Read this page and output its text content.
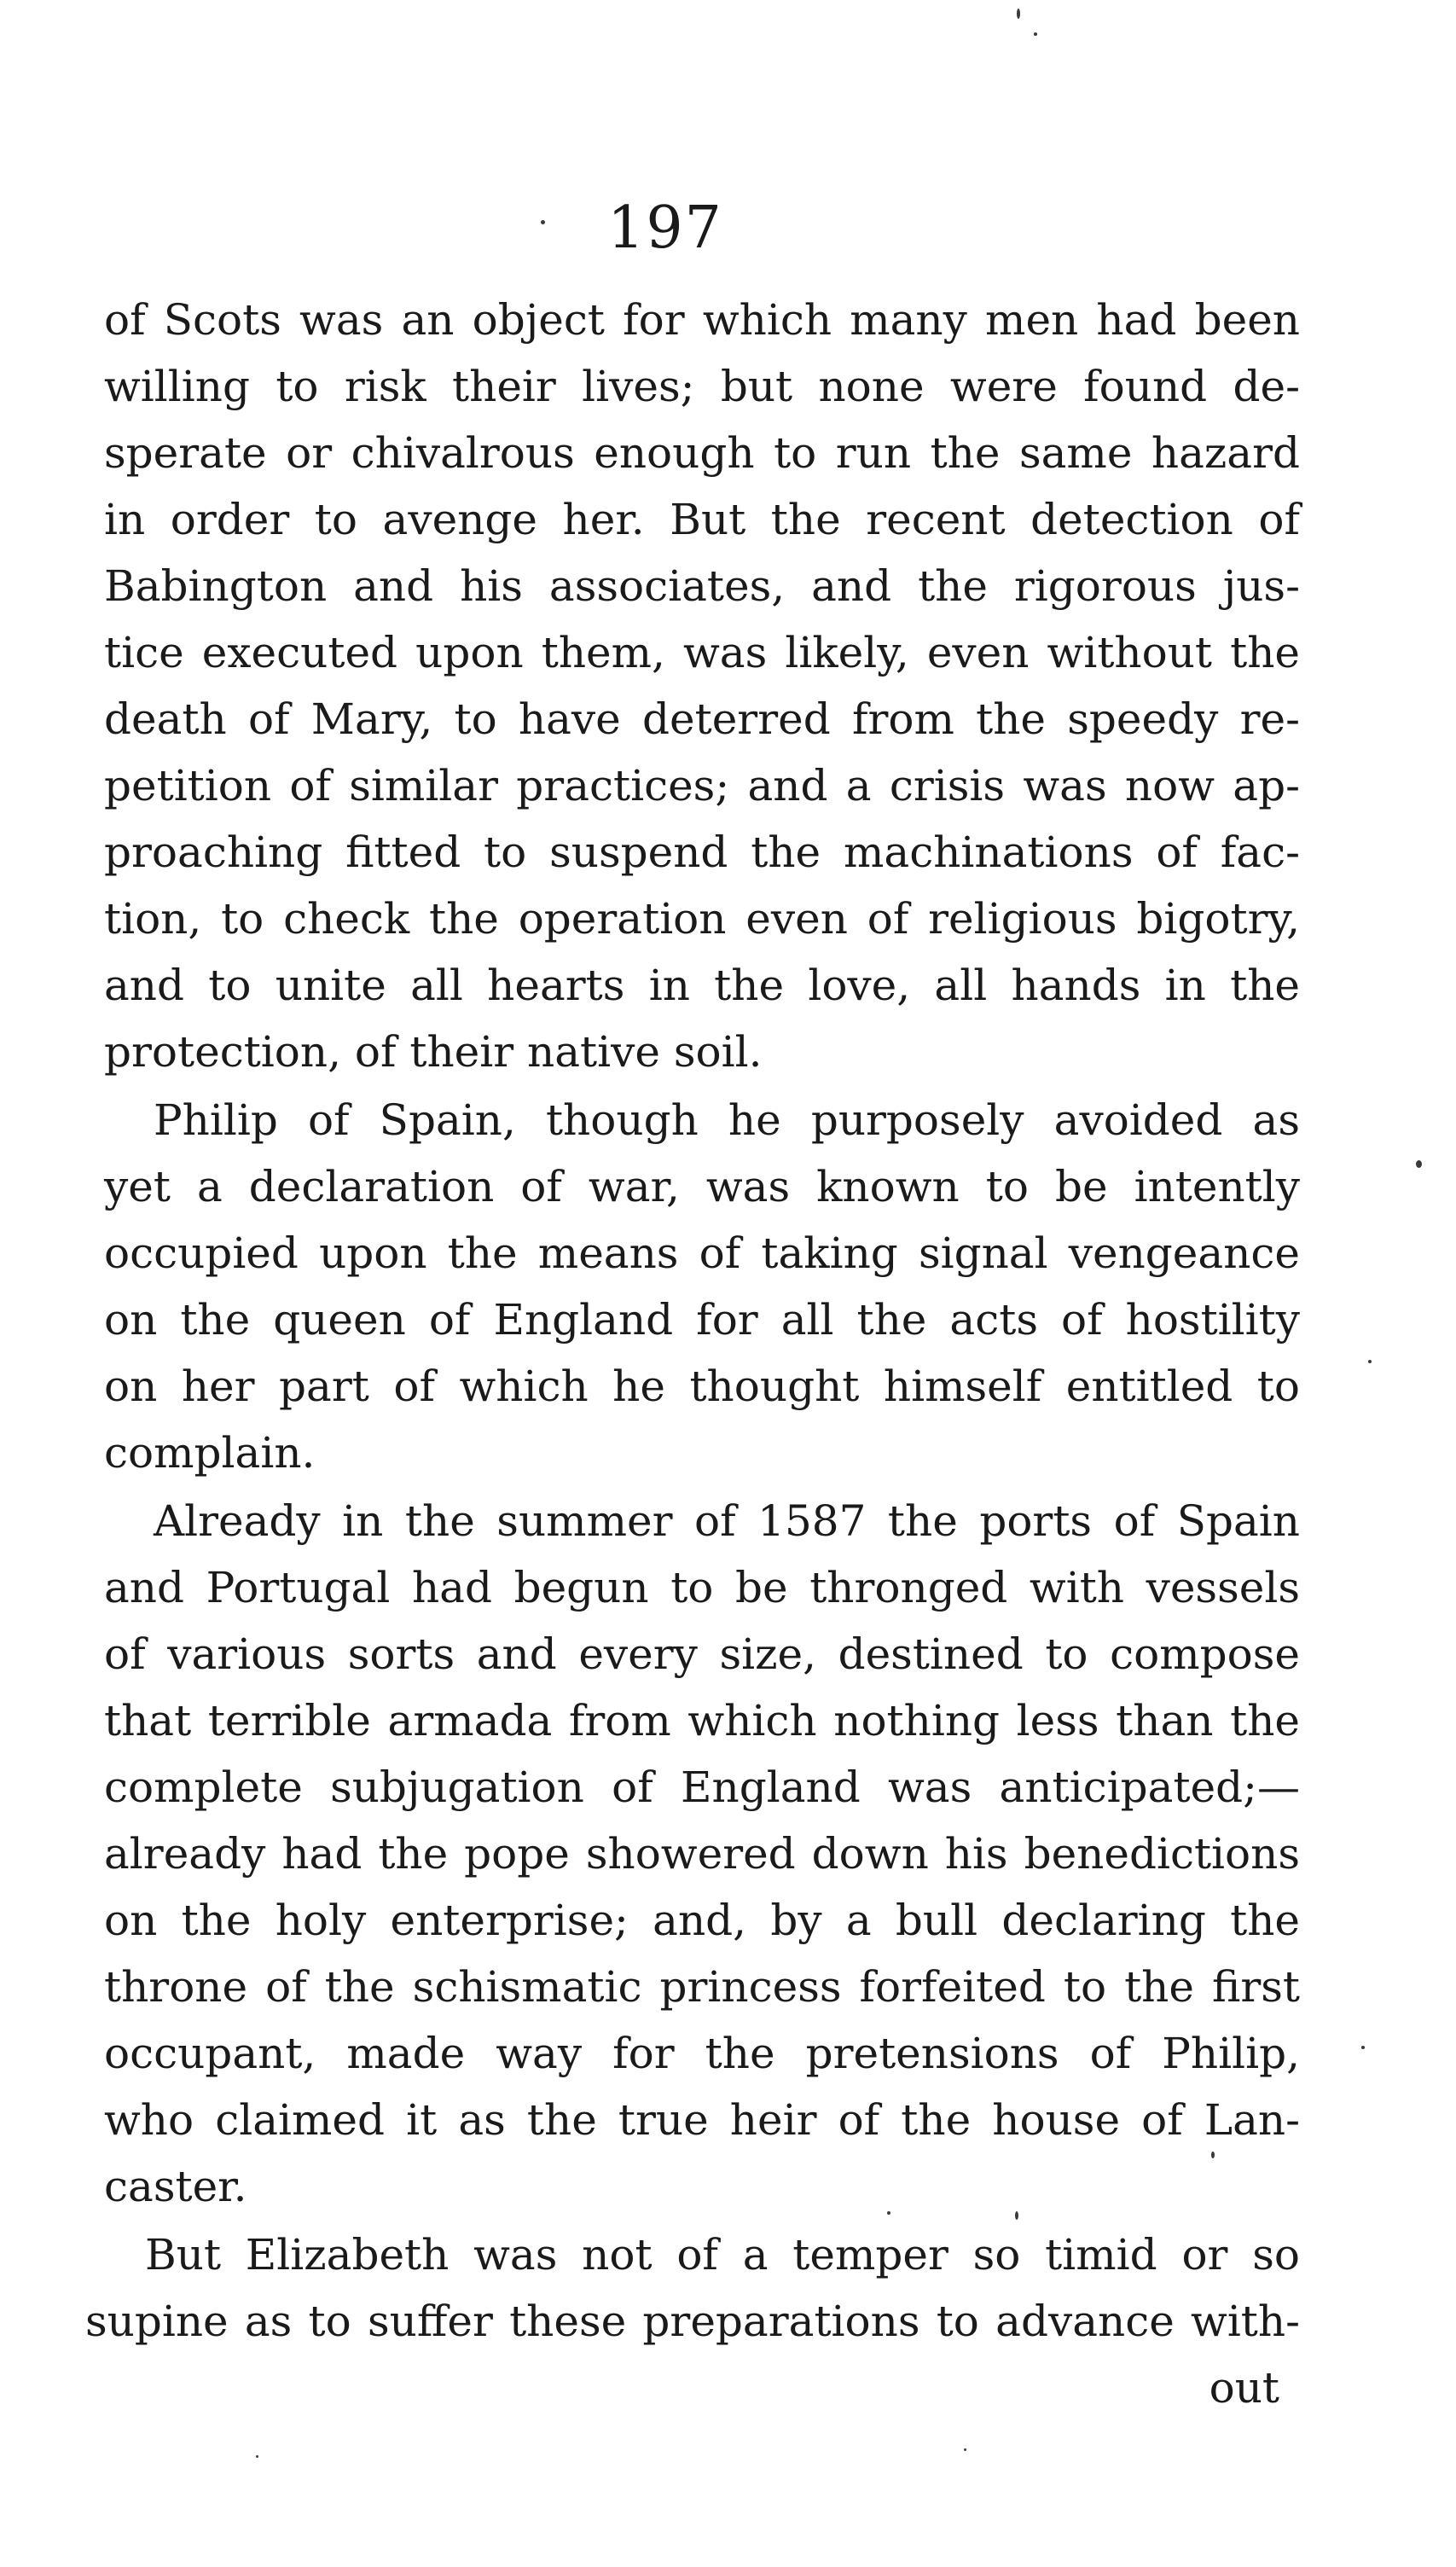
197
of Scots was an object for which many men had been
willing to risk their lives; but none were found de-
sperate or chivalrous enough to run the same hazard
in order to avenge her. But the recent detection of
Babington and his associates, and the rigorous jus-
tice executed upon them, was likely, even without the
death of Mary, to have deterred from the speedy re-
petition of similar practices; and a crisis was now ap-
proaching fitted to suspend the machinations of fac-
tion, to check the operation even of religious bigotry,
and to unite all hearts in the love, all hands in the
protection, of their native soil.
Philip of Spain, though he purposely avoided as
yet a declaration of war, was known to be intently
occupied upon the means of taking signal vengeance
on the queen of England for all the acts of hostility
on her part of which he thought himself entitled to
complain.
Already in the summer of 1587 the ports of Spain
and Portugal had begun to be thronged with vessels
of various sorts and every size, destined to compose
that terrible armada from which nothing less than the
complete subjugation of England was anticipated;—
already had the pope showered down his benedictions
on the holy enterprise; and, by a bull declaring the
throne of the schismatic princess forfeited to the first
occupant, made way for the pretensions of Philip,
who claimed it as the true heir of the house of Lan-
caster.
But Elizabeth was not of a temper so timid or so
supine as to suffer these preparations to advance with-
out
